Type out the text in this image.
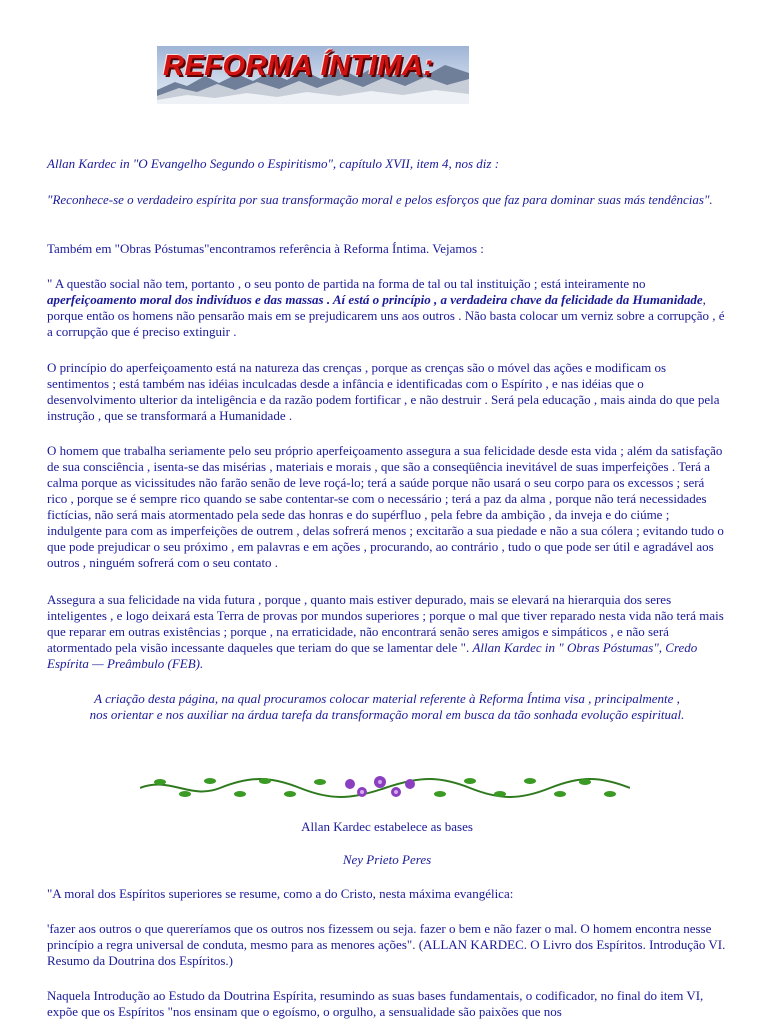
REFORMA ÍNTIMA:

Allan Kardec in "O Evangelho Segundo o Espiritismo", capítulo XVII, item 4, nos diz :

"Reconhece-se o verdadeiro espírita por sua transformação moral e pelos esforços que faz para dominar suas más tendências".

Também em "Obras Póstumas"encontramos referência à Reforma Íntima. Vejamos :

" A questão social não tem, portanto , o seu ponto de partida na forma de tal ou tal instituição ; está inteiramente no aperfeiçoamento moral dos indivíduos e das massas . Aí está o princípio , a verdadeira chave da felicidade da Humanidade, porque então os homens não pensarão mais em se prejudicarem uns aos outros . Não basta colocar um verniz sobre a corrupção , é a corrupção que é preciso extinguir .

O princípio do aperfeiçoamento está na natureza das crenças , porque as crenças são o móvel das ações e modificam os sentimentos ; está também nas idéias inculcadas desde a infância e identificadas com o Espírito , e nas idéias que o desenvolvimento ulterior da inteligência e da razão podem fortificar , e não destruir . Será pela educação , mais ainda do que pela instrução , que se transformará a Humanidade .

O homem que trabalha seriamente pelo seu próprio aperfeiçoamento assegura a sua felicidade desde esta vida ; além da satisfação de sua consciência , isenta-se das misérias , materiais e morais , que são a conseqüência inevitável de suas imperfeições . Terá a calma porque as vicissitudes não farão senão de leve roçá-lo; terá a saúde porque não usará o seu corpo para os excessos ; será rico , porque se é sempre rico quando se sabe contentar-se com o necessário ; terá a paz da alma , porque não terá necessidades fictícias, não será mais atormentado pela sede das honras e do supérfluo , pela febre da ambição , da inveja e do ciúme ; indulgente para com as imperfeições de outrem , delas sofrerá menos ; excitarão a sua piedade e não a sua cólera ; evitando tudo o que pode prejudicar o seu próximo , em palavras e em ações , procurando, ao contrário , tudo o que pode ser útil e agradável aos outros , ninguém sofrerá com o seu contato .

Assegura a sua felicidade na vida futura , porque , quanto mais estiver depurado, mais se elevará na hierarquia dos seres inteligentes , e logo deixará esta Terra de provas por mundos superiores ; porque o mal que tiver reparado nesta vida não terá mais que reparar em outras existências ; porque , na erraticidade, não encontrará senão seres amigos e simpáticos , e não será atormentado pela visão incessante daqueles que teriam do que se lamentar dele ". Allan Kardec in " Obras Póstumas", Credo Espírita — Preâmbulo (FEB).

A criação desta página, na qual procuramos colocar material referente à Reforma Íntima visa , principalmente ,
nos orientar e nos auxiliar na árdua tarefa da transformação moral em busca da tão sonhada evolução espiritual.

Allan Kardec estabelece as bases

Ney Prieto Peres

"A moral dos Espíritos superiores se resume, como a do Cristo, nesta máxima evangélica:

'fazer aos outros o que quereríamos que os outros nos fizessem ou seja. fazer o bem e não fazer o mal. O homem encontra nesse princípio a regra universal de conduta, mesmo para as menores ações". (ALLAN KARDEC. O Livro dos Espíritos. Introdução VI. Resumo da Doutrina dos Espíritos.)

Naquela Introdução ao Estudo da Doutrina Espírita, resumindo as suas bases fundamentais, o codificador, no final do item VI, expõe que os Espíritos "nos ensinam que o egoísmo, o orgulho, a sensualidade são paixões que nos
